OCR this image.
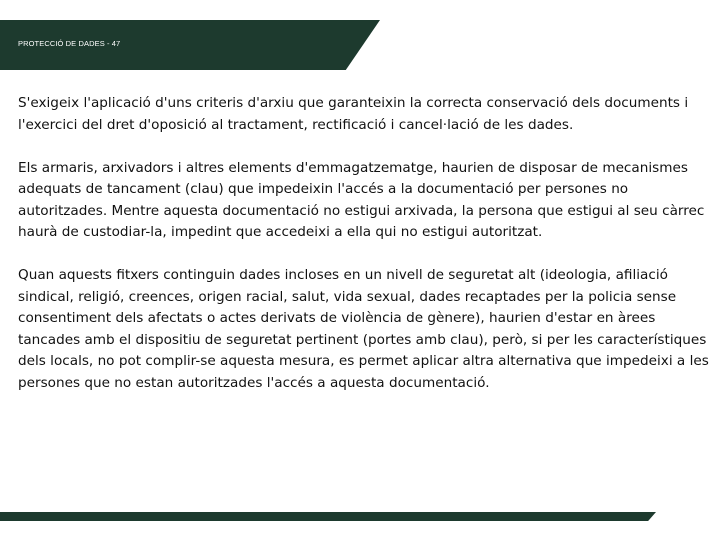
PROTECCIÓ DE DADES - 47

S'exigeix l'aplicació d'uns criteris d'arxiu que garanteixin la correcta conservació dels documents i l'exercici del dret d'oposició al tractament, rectificació i cancel·lació de les dades.

Els armaris, arxivadors i altres elements d'emmagatzematge, haurien de disposar de mecanismes adequats de tancament (clau) que impedeixin l'accés a la documentació per persones no autoritzades. Mentre aquesta documentació no estigui arxivada, la persona que estigui al seu càrrec haurà de custodiar-la, impedint que accedeixi a ella qui no estigui autoritzat.

Quan aquests fitxers continguin dades incloses en un nivell de seguretat alt (ideologia, afiliació sindical, religió, creences, origen racial, salut, vida sexual, dades recaptades per la policia sense consentiment dels afectats o actes derivats de violència de gènere), haurien d'estar en àrees tancades amb el dispositiu de seguretat pertinent (portes amb clau), però, si per les característiques dels locals, no pot complir-se aquesta mesura, es permet aplicar altra alternativa que impedeixi a les persones que no estan autoritzades l'accés a aquesta documentació.
